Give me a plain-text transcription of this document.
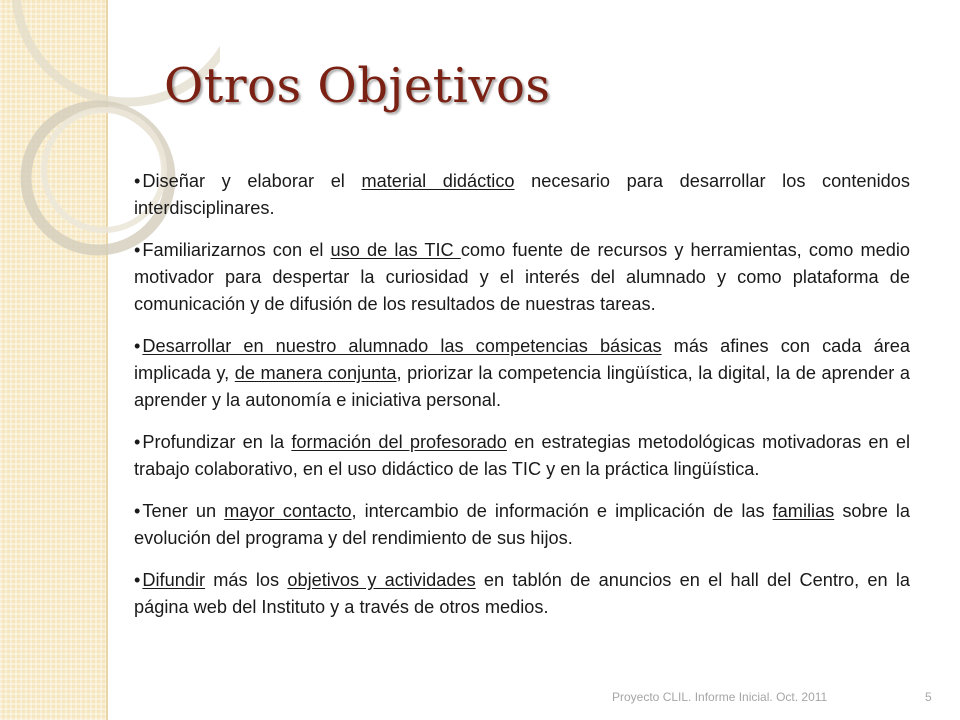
Otros Objetivos

• Diseñar y elaborar el material didáctico necesario para desarrollar los contenidos interdisciplinares.

• Familiarizarnos con el uso de las TIC como fuente de recursos y herramientas, como medio motivador para despertar la curiosidad y el interés del alumnado y como plataforma de comunicación y de difusión de los resultados de nuestras tareas.

• Desarrollar en nuestro alumnado las competencias básicas más afines con cada área implicada y, de manera conjunta, priorizar la competencia lingüística, la digital, la de aprender a aprender y la autonomía e iniciativa personal.

• Profundizar en la formación del profesorado en estrategias metodológicas motivadoras en el trabajo colaborativo, en el uso didáctico de las TIC y en la práctica lingüística.

• Tener un mayor contacto, intercambio de información e implicación de las familias sobre la evolución del programa y del rendimiento de sus hijos.

• Difundir más los objetivos y actividades en tablón de anuncios en el hall del Centro, en la página web del Instituto y a través de otros medios.

Proyecto CLIL. Informe Inicial. Oct. 2011	5
